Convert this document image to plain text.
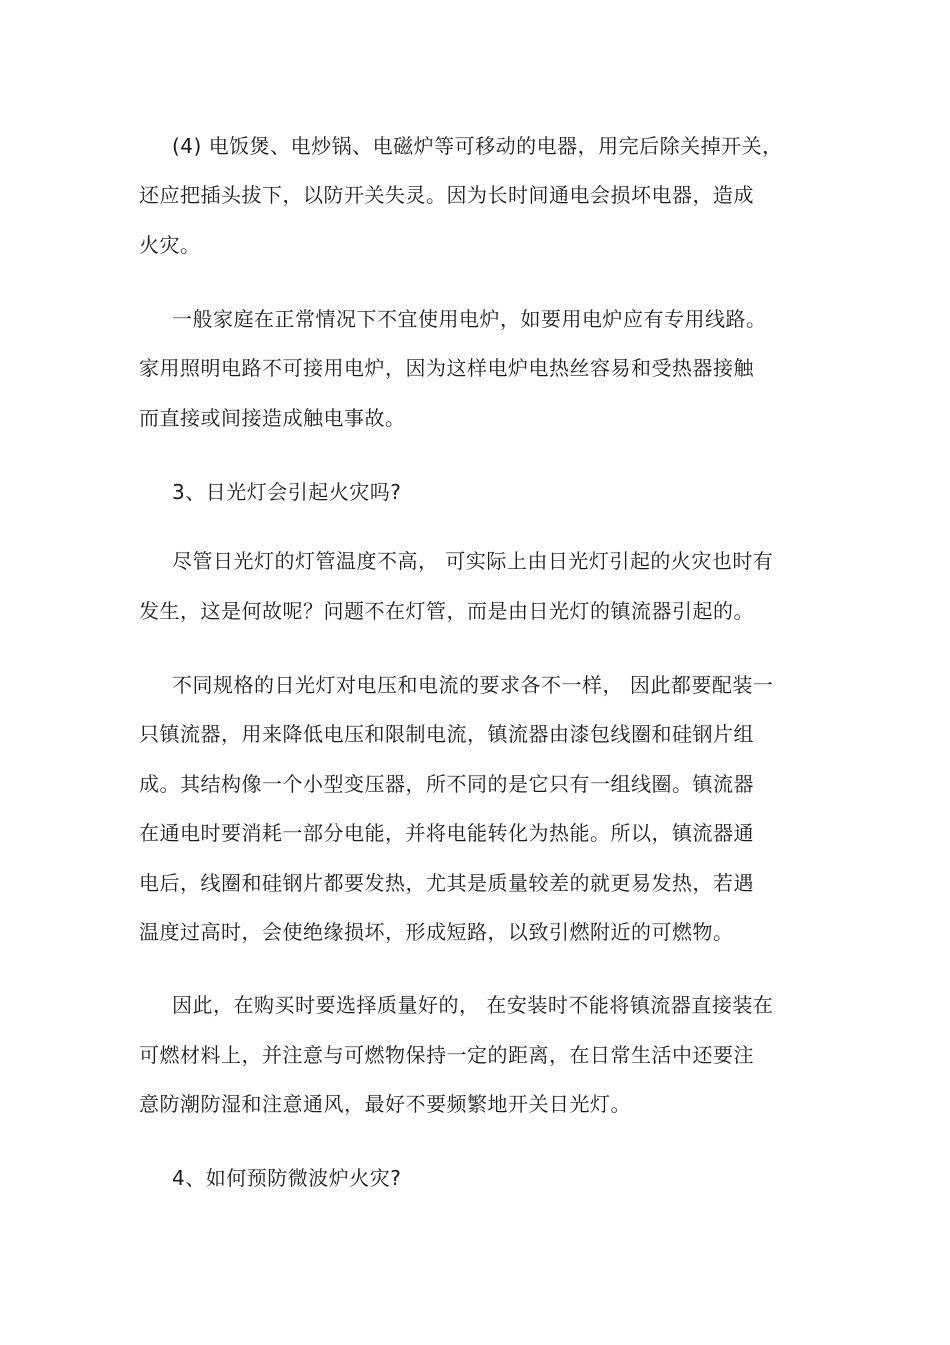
(4) 电饭煲、电炒锅、电磁炉等可移动的电器，用完后除关掉开关，
还应把插头拔下，以防开关失灵。因为长时间通电会损坏电器，造成
火灾。
一般家庭在正常情况下不宜使用电炉，如要用电炉应有专用线路。
家用照明电路不可接用电炉，因为这样电炉电热丝容易和受热器接触
而直接或间接造成触电事故。
3、日光灯会引起火灾吗?
尽管日光灯的灯管温度不高， 可实际上由日光灯引起的火灾也时有
发生，这是何故呢？问题不在灯管，而是由日光灯的镇流器引起的。
不同规格的日光灯对电压和电流的要求各不一样， 因此都要配装一
只镇流器，用来降低电压和限制电流，镇流器由漆包线圈和硅钢片组
成。其结构像一个小型变压器，所不同的是它只有一组线圈。镇流器
在通电时要消耗一部分电能，并将电能转化为热能。所以，镇流器通
电后，线圈和硅钢片都要发热，尤其是质量较差的就更易发热，若遇
温度过高时，会使绝缘损坏，形成短路，以致引燃附近的可燃物。
因此，在购买时要选择质量好的， 在安装时不能将镇流器直接装在
可燃材料上，并注意与可燃物保持一定的距离，在日常生活中还要注
意防潮防湿和注意通风，最好不要频繁地开关日光灯。
4、如何预防微波炉火灾?
